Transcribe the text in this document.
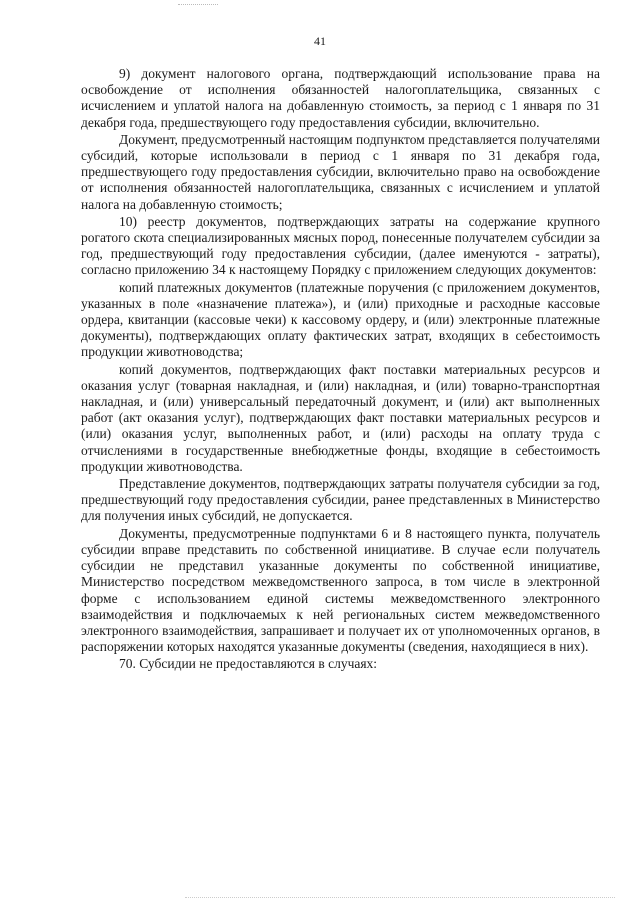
41

9) документ налогового органа, подтверждающий использование права на освобождение от исполнения обязанностей налогоплательщика, связанных с исчислением и уплатой налога на добавленную стоимость, за период с 1 января по 31 декабря года, предшествующего году предоставления субсидии, включительно.

Документ, предусмотренный настоящим подпунктом представляется получателями субсидий, которые использовали в период с 1 января по 31 декабря года, предшествующего году предоставления субсидии, включительно право на освобождение от исполнения обязанностей налогоплательщика, связанных с исчислением и уплатой налога на добавленную стоимость;

10) реестр документов, подтверждающих затраты на содержание крупного рогатого скота специализированных мясных пород, понесенные получателем субсидии за год, предшествующий году предоставления субсидии, (далее именуются - затраты), согласно приложению 34 к настоящему Порядку с приложением следующих документов:

копий платежных документов (платежные поручения (с приложением документов, указанных в поле «назначение платежа»), и (или) приходные и расходные кассовые ордера, квитанции (кассовые чеки) к кассовому ордеру, и (или) электронные платежные документы), подтверждающих оплату фактических затрат, входящих в себестоимость продукции животноводства;

копий документов, подтверждающих факт поставки материальных ресурсов и оказания услуг (товарная накладная, и (или) накладная, и (или) товарно-транспортная накладная, и (или) универсальный передаточный документ, и (или) акт выполненных работ (акт оказания услуг), подтверждающих факт поставки материальных ресурсов и (или) оказания услуг, выполненных работ, и (или) расходы на оплату труда с отчислениями в государственные внебюджетные фонды, входящие в себестоимость продукции животноводства.

Представление документов, подтверждающих затраты получателя субсидии за год, предшествующий году предоставления субсидии, ранее представленных в Министерство для получения иных субсидий, не допускается.

Документы, предусмотренные подпунктами 6 и 8 настоящего пункта, получатель субсидии вправе представить по собственной инициативе. В случае если получатель субсидии не представил указанные документы по собственной инициативе, Министерство посредством межведомственного запроса, в том числе в электронной форме с использованием единой системы межведомственного электронного взаимодействия и подключаемых к ней региональных систем межведомственного электронного взаимодействия, запрашивает и получает их от уполномоченных органов, в распоряжении которых находятся указанные документы (сведения, находящиеся в них).

70. Субсидии не предоставляются в случаях:
